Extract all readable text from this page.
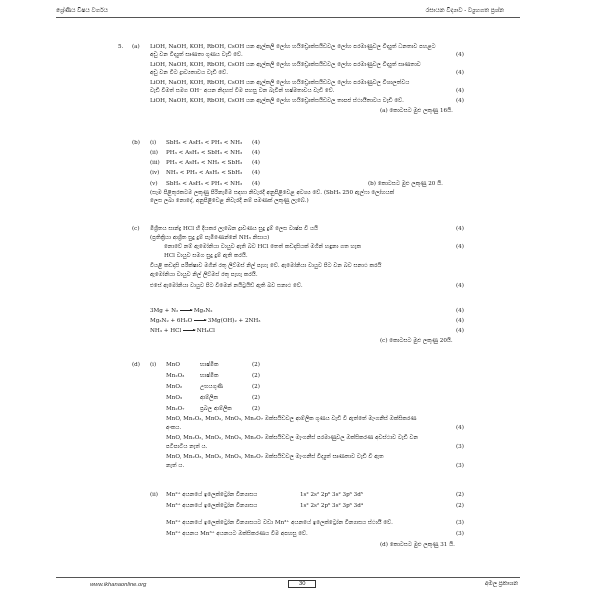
ශ්‍රේණිය විෂය වර්ගය	රසායන විද්‍යාව - ව්‍යුහගත ප්‍රශ්න
5. (a) LiOH, NaOH, KOH, RbOH, CsOH යන ඇල්කලි ලෝහ හයිඩ්‍රොක්සයිඩවල ලෝහ පරමාණුවල විද්‍යුත් ධනතාව පහළට
අඩු වන විද්‍යුත් සෘණතා ගුණය වැඩි වේ.	(4)
LiOH, NaOH, KOH, RbOH, CsOH යන ඇල්කලි ලෝහ හයිඩ්‍රොක්සයිඩවල ලෝහ පරමාණුවල විද්‍යුත් සෘණතාව
අඩු වන විට ද්‍රාව්‍යතාවය වැඩි වේ.	(4)
LiOH, NaOH, KOH, RbOH, CsOH යන ඇල්කලි ලෝහ හයිඩ්‍රොක්සයිඩවල ලෝහ පරමාණුවල විශාලත්වය
වැඩි වීමත් සමග OH⁻ අයන නිදහස් වීම පහසු වන බැවින් භෂ්මතාවය වැඩි වේ.	(4)
LiOH, NaOH, KOH, RbOH, CsOH යන ඇල්කලි ලෝහ හයිඩ්‍රොක්සයිඩවල තාපජ ස්ථායීතාවය වැඩි වේ.	(4)
(a) කොටසට මුළු ලකුණු 16යි.
(b) (i) SbH₃ < AsH₃ < PH₃ < NH₃ (4)
(ii) PH₃ < AsH₃ < SbH₃ < NH₃ (4)
(iii) PH₃ < AsH₃ < NH₃ < SbH₃ (4)
(iv) NH₃ < PH₃ < AsH₃ < SbH₃ (4)
(v) SbH₃ < AsH₃ < PH₃ < NH₃ (4)	(b) කොටසට මුළු ලකුණු 20 යි.
(සෑම පිළිතුරකටම ලකුණු පිරිනැමීම සඳහා නිවැරදි අනුපිළිවෙළ අවශ්‍ය වේ. (SbH₃ 250 ඇල්ෆා ලෝහයක්
ලෙස ලබා නොදේ, අනුපිළිවෙළ නිවැරදි නම් පමණක් ලකුණු ලැබේ.)
(c) මිශ්‍රිතය සාන්ද්‍ර HCl හි දියකර ලැබෙන ද්‍රාවණය සුදු දුම් ලෙස වාෂ්ප වී යයි	(4)
(ප්‍රතික්‍රියා ආශ්‍රිත සුදු දුම් පැමිණෙන්නේ NH₃ නිසාය)
නොවේ නම් ඇමෝනියා වායුව ඇති බව HCl තෙත් කඩදාසියක් මගින් හඳුනා ගත හැක	(4)
HCl වායුව සමග සුදු දුම් ඇති කරයි.
වියළි කඩදාසි පරීක්ෂාව මගින් රතු ලිට්මස් නිල් පැහැ වේ. ඇමෝනියා වායුව පිට වන බව සනාථ කරයි
ඇමෝනියා වායුව නිල් ලිට්මස් රතු පැහැ කරයි.
එසේ ඇමෝනියා වායුව පිට වීමෙන් නයිට්‍රයිඩ් ඇති බව සනාථ වේ.	(4)
3Mg + N₂ → Mg₃N₂	(4)
Mg₃N₂ + 6H₂O → 3Mg(OH)₂ + 2NH₃	(4)
NH₃ + HCl → NH₄Cl	(4)
(c) කොටසට මුළු ලකුණු 20යි.
(d) (i) MnO	භාෂ්මික	(2)
Mn₂O₃	භාෂ්මික	(2)
MnO₂	උභයගුණි	(2)
MnO₃	ආම්ලික	(2)
Mn₂O₇	ප්‍රබල ආම්ලික	(2)
MnO, Mn₂O₃, MnO₂, MnO₃, Mn₂O₇ ඔක්සයිඩවල ආම්ලික ගුණය වැඩි වී ඇත්තේ මැංගනීස් ඔක්සිකරණ
අංකය.	(4)
MnO, Mn₂O₃, MnO₂, MnO₃, Mn₂O₇ ඔක්සයිඩවල මැංගනීස් පරමාණුවල ඔක්සිකරණ අවස්ථාව වැඩි වන
පටිපාටිය නැත් ය.	(3)
MnO, Mn₂O₃, MnO₂, MnO₃, Mn₂O₇ ඔක්සයිඩවල මැංගනීස් විද්‍යුත් සෘණතාව වැඩි වී ඇත
නැත් ය.	(3)
(ii) Mn²⁺ අයනයේ ඉලෙක්ට්‍රෝන වින්‍යාසය	1s² 2s² 2p⁶ 3s² 3p⁶ 3d⁵	(2)
Mn³⁺ අයනයේ ඉලෙක්ට්‍රෝන වින්‍යාසය	1s² 2s² 2p⁶ 3s² 3p⁶ 3d⁴	(2)
Mn²⁺ අයනයේ ඉලෙක්ට්‍රෝන වින්‍යාසයට වඩා Mn³⁺ අයනයේ ඉලෙක්ට්‍රෝන වින්‍යාසය ස්ථායී වේ.	(3)
Mn²⁺ අයනය Mn³⁺ අයනයට ඔක්සිකරණය වීම අපහසු වේ.	(3)
(d) කොටසට මුළු ලකුණු 31 යි.
www.ikhanaonline.org	30	අමල ප්‍රකාශන
